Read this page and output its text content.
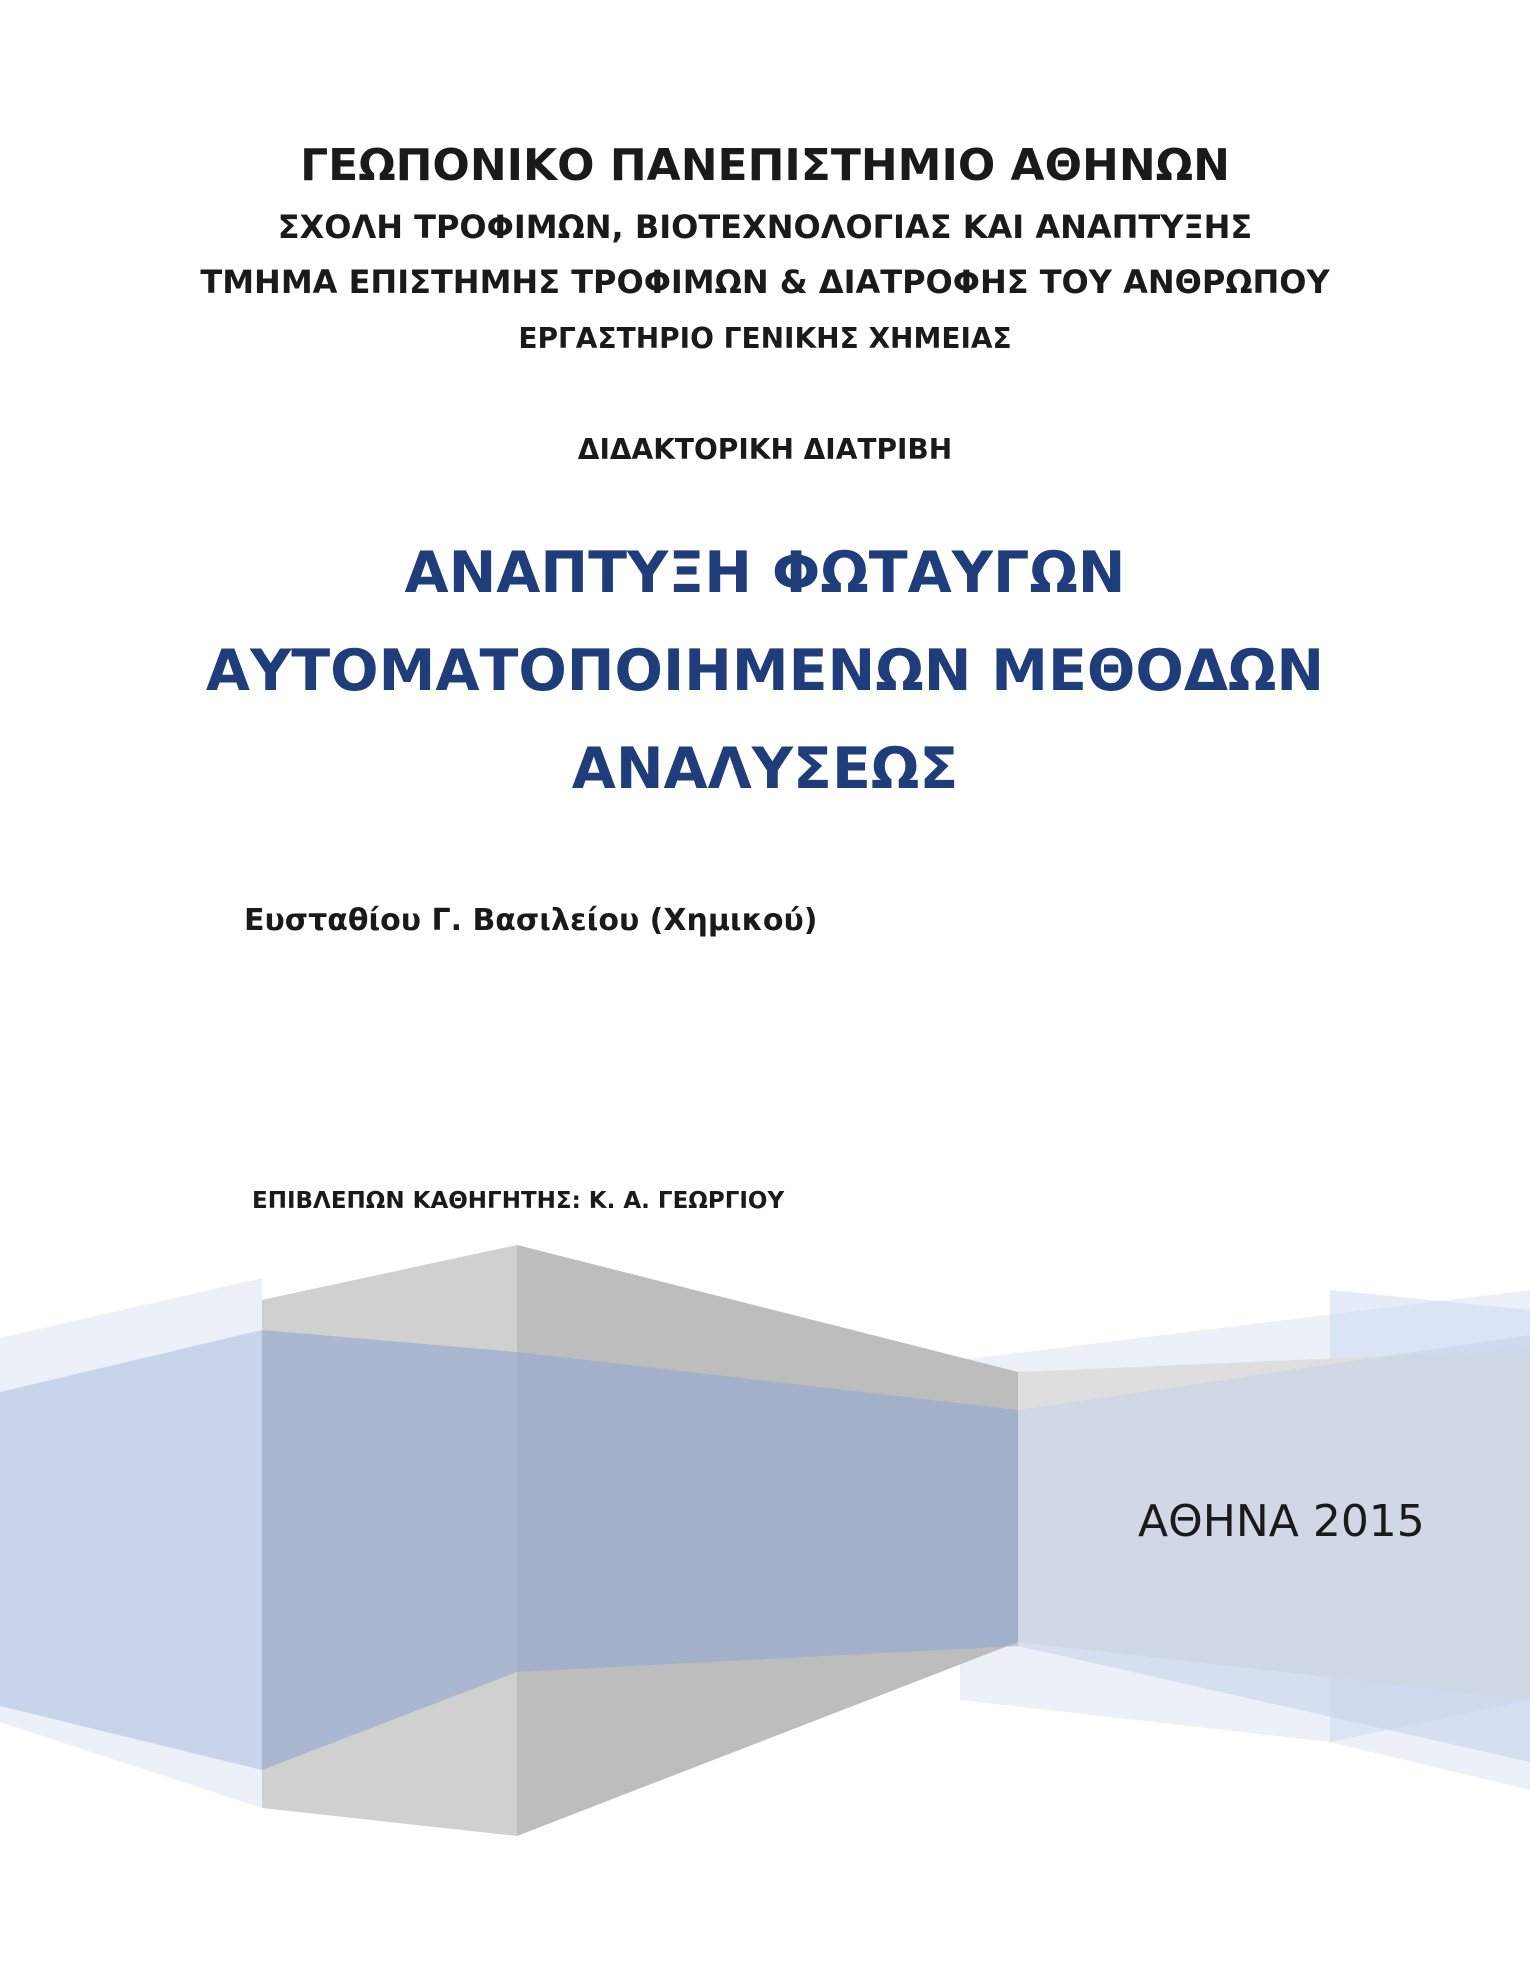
ΓΕΩΠΟΝΙΚΟ ΠΑΝΕΠΙΣΤΗΜΙΟ ΑΘΗΝΩΝ
ΣΧΟΛΗ ΤΡΟΦΙΜΩΝ, ΒΙΟΤΕΧΝΟΛΟΓΙΑΣ ΚΑΙ ΑΝΑΠΤΥΞΗΣ
ΤΜΗΜΑ ΕΠΙΣΤΗΜΗΣ ΤΡΟΦΙΜΩΝ & ΔΙΑΤΡΟΦΗΣ ΤΟΥ ΑΝΘΡΩΠΟΥ
ΕΡΓΑΣΤΗΡΙΟ ΓΕΝΙΚΗΣ ΧΗΜΕΙΑΣ
ΔΙΔΑΚΤΟΡΙΚΗ ΔΙΑΤΡΙΒΗ
ΑΝΑΠΤΥΞΗ ΦΩΤΑΥΓΩΝ
ΑΥΤΟΜΑΤΟΠΟΙΗΜΕΝΩΝ ΜΕΘΟΔΩΝ
ΑΝΑΛΥΣΕΩΣ
Ευσταθίου Γ. Βασιλείου (Χημικού)
ΕΠΙΒΛΕΠΩΝ ΚΑΘΗΓΗΤΗΣ: Κ. Α. ΓΕΩΡΓΙΟΥ
ΑΘΗΝΑ 2015
